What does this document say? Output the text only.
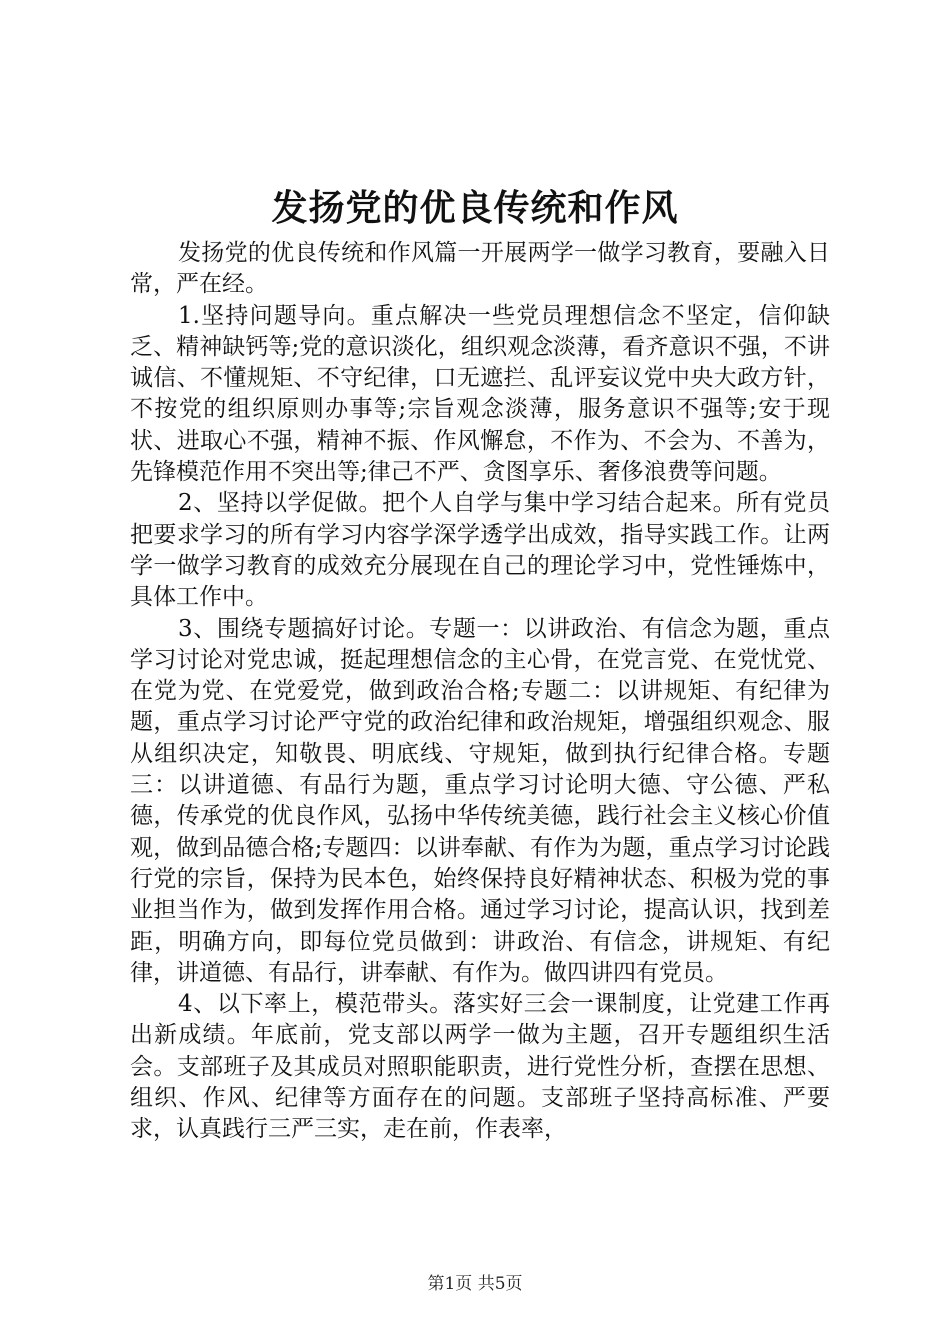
发扬党的优良传统和作风

发扬党的优良传统和作风篇一开展两学一做学习教育，要融入日常，严在经。

1.坚持问题导向。重点解决一些党员理想信念不坚定，信仰缺乏、精神缺钙等;党的意识淡化，组织观念淡薄，看齐意识不强，不讲诚信、不懂规矩、不守纪律，口无遮拦、乱评妄议党中央大政方针，不按党的组织原则办事等;宗旨观念淡薄，服务意识不强等;安于现状、进取心不强，精神不振、作风懈怠，不作为、不会为、不善为，先锋模范作用不突出等;律己不严、贪图享乐、奢侈浪费等问题。

2、坚持以学促做。把个人自学与集中学习结合起来。所有党员把要求学习的所有学习内容学深学透学出成效，指导实践工作。让两学一做学习教育的成效充分展现在自己的理论学习中，党性锤炼中，具体工作中。

3、围绕专题搞好讨论。专题一：以讲政治、有信念为题，重点学习讨论对党忠诚，挺起理想信念的主心骨，在党言党、在党忧党、在党为党、在党爱党，做到政治合格;专题二：以讲规矩、有纪律为题，重点学习讨论严守党的政治纪律和政治规矩，增强组织观念、服从组织决定，知敬畏、明底线、守规矩，做到执行纪律合格。专题三：以讲道德、有品行为题，重点学习讨论明大德、守公德、严私德，传承党的优良作风，弘扬中华传统美德，践行社会主义核心价值观，做到品德合格;专题四：以讲奉献、有作为为题，重点学习讨论践行党的宗旨，保持为民本色，始终保持良好精神状态、积极为党的事业担当作为，做到发挥作用合格。通过学习讨论，提高认识，找到差距，明确方向，即每位党员做到：讲政治、有信念，讲规矩、有纪律，讲道德、有品行，讲奉献、有作为。做四讲四有党员。

4、以下率上，模范带头。落实好三会一课制度，让党建工作再出新成绩。年底前，党支部以两学一做为主题，召开专题组织生活会。支部班子及其成员对照职能职责，进行党性分析，查摆在思想、组织、作风、纪律等方面存在的问题。支部班子坚持高标准、严要求，认真践行三严三实，走在前，作表率，

第1页 共5页
